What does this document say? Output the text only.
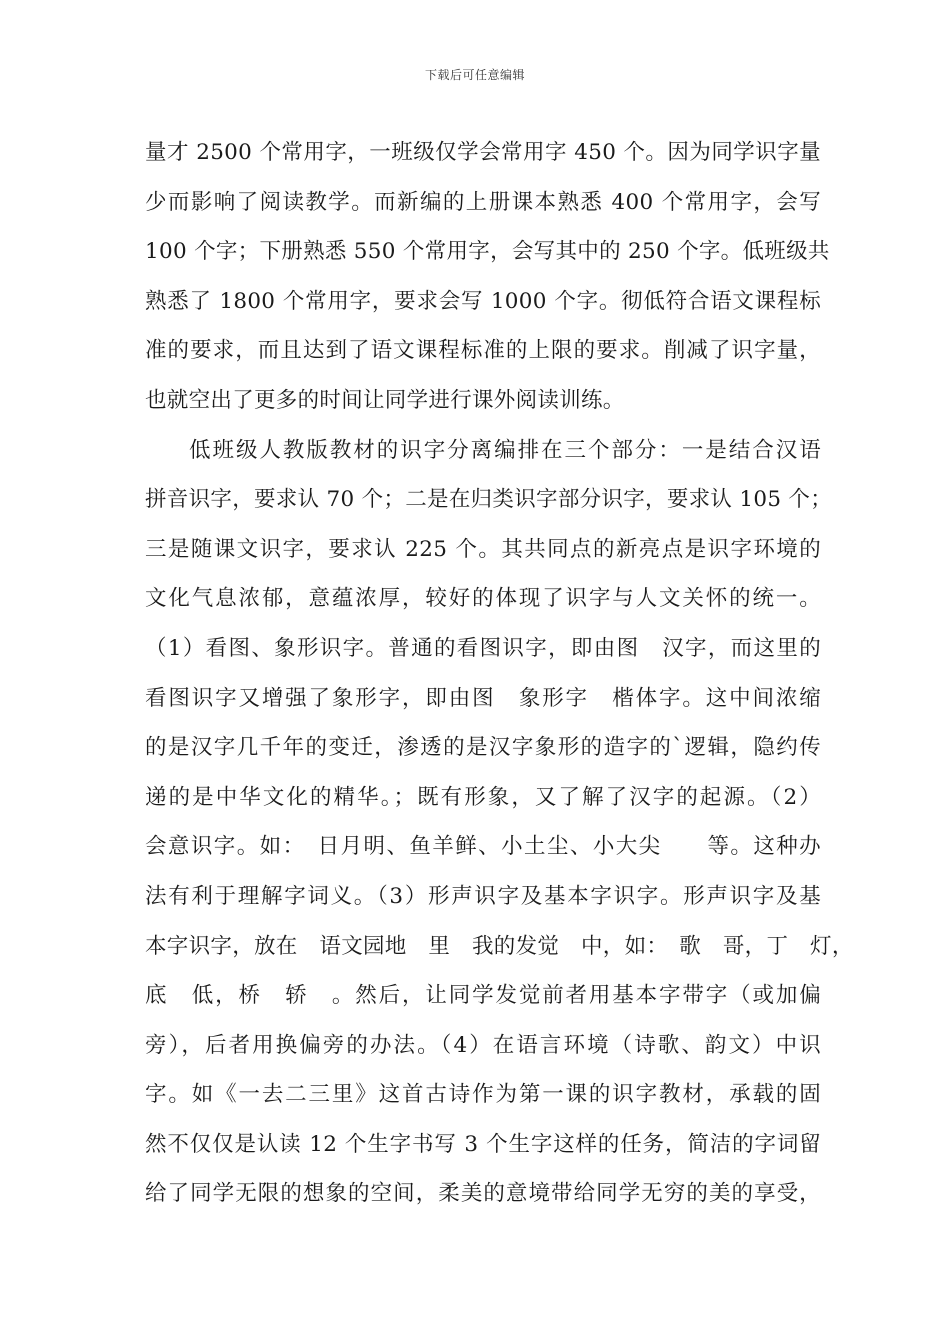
下载后可任意编辑
量才 2500 个常用字，一班级仅学会常用字 450 个。因为同学识字量
少而影响了阅读教学。而新编的上册课本熟悉 400 个常用字，会写
100 个字；下册熟悉 550 个常用字，会写其中的 250 个字。低班级共
熟悉了 1800 个常用字，要求会写 1000 个字。彻低符合语文课程标
准的要求，而且达到了语文课程标准的上限的要求。削减了识字量，
也就空出了更多的时间让同学进行课外阅读训练。
低班级人教版教材的识字分离编排在三个部分：一是结合汉语
拼音识字，要求认 70 个；二是在归类识字部分识字，要求认 105 个；
三是随课文识字，要求认 225 个。其共同点的新亮点是识字环境的
文化气息浓郁，意蕴浓厚，较好的体现了识字与人文关怀的统一。
（1）看图、象形识字。普通的看图识字，即由图　汉字，而这里的
看图识字又增强了象形字，即由图　象形字　楷体字。这中间浓缩
的是汉字几千年的变迁，渗透的是汉字象形的造字的`逻辑，隐约传
递的是中华文化的精华。；既有形象，又了解了汉字的起源。（2）
会意识字。如：　日月明、鱼羊鲜、小土尘、小大尖　　等。这种办
法有利于理解字词义。（3）形声识字及基本字识字。形声识字及基
本字识字，放在　语文园地　里　我的发觉　中，如：　歌　哥，丁　灯，
底　低，桥　轿　。然后，让同学发觉前者用基本字带字（或加偏
旁），后者用换偏旁的办法。（4）在语言环境（诗歌、韵文）中识
字。如《一去二三里》这首古诗作为第一课的识字教材，承载的固
然不仅仅是认读 12 个生字书写 3 个生字这样的任务，简洁的字词留
给了同学无限的想象的空间，柔美的意境带给同学无穷的美的享受，
